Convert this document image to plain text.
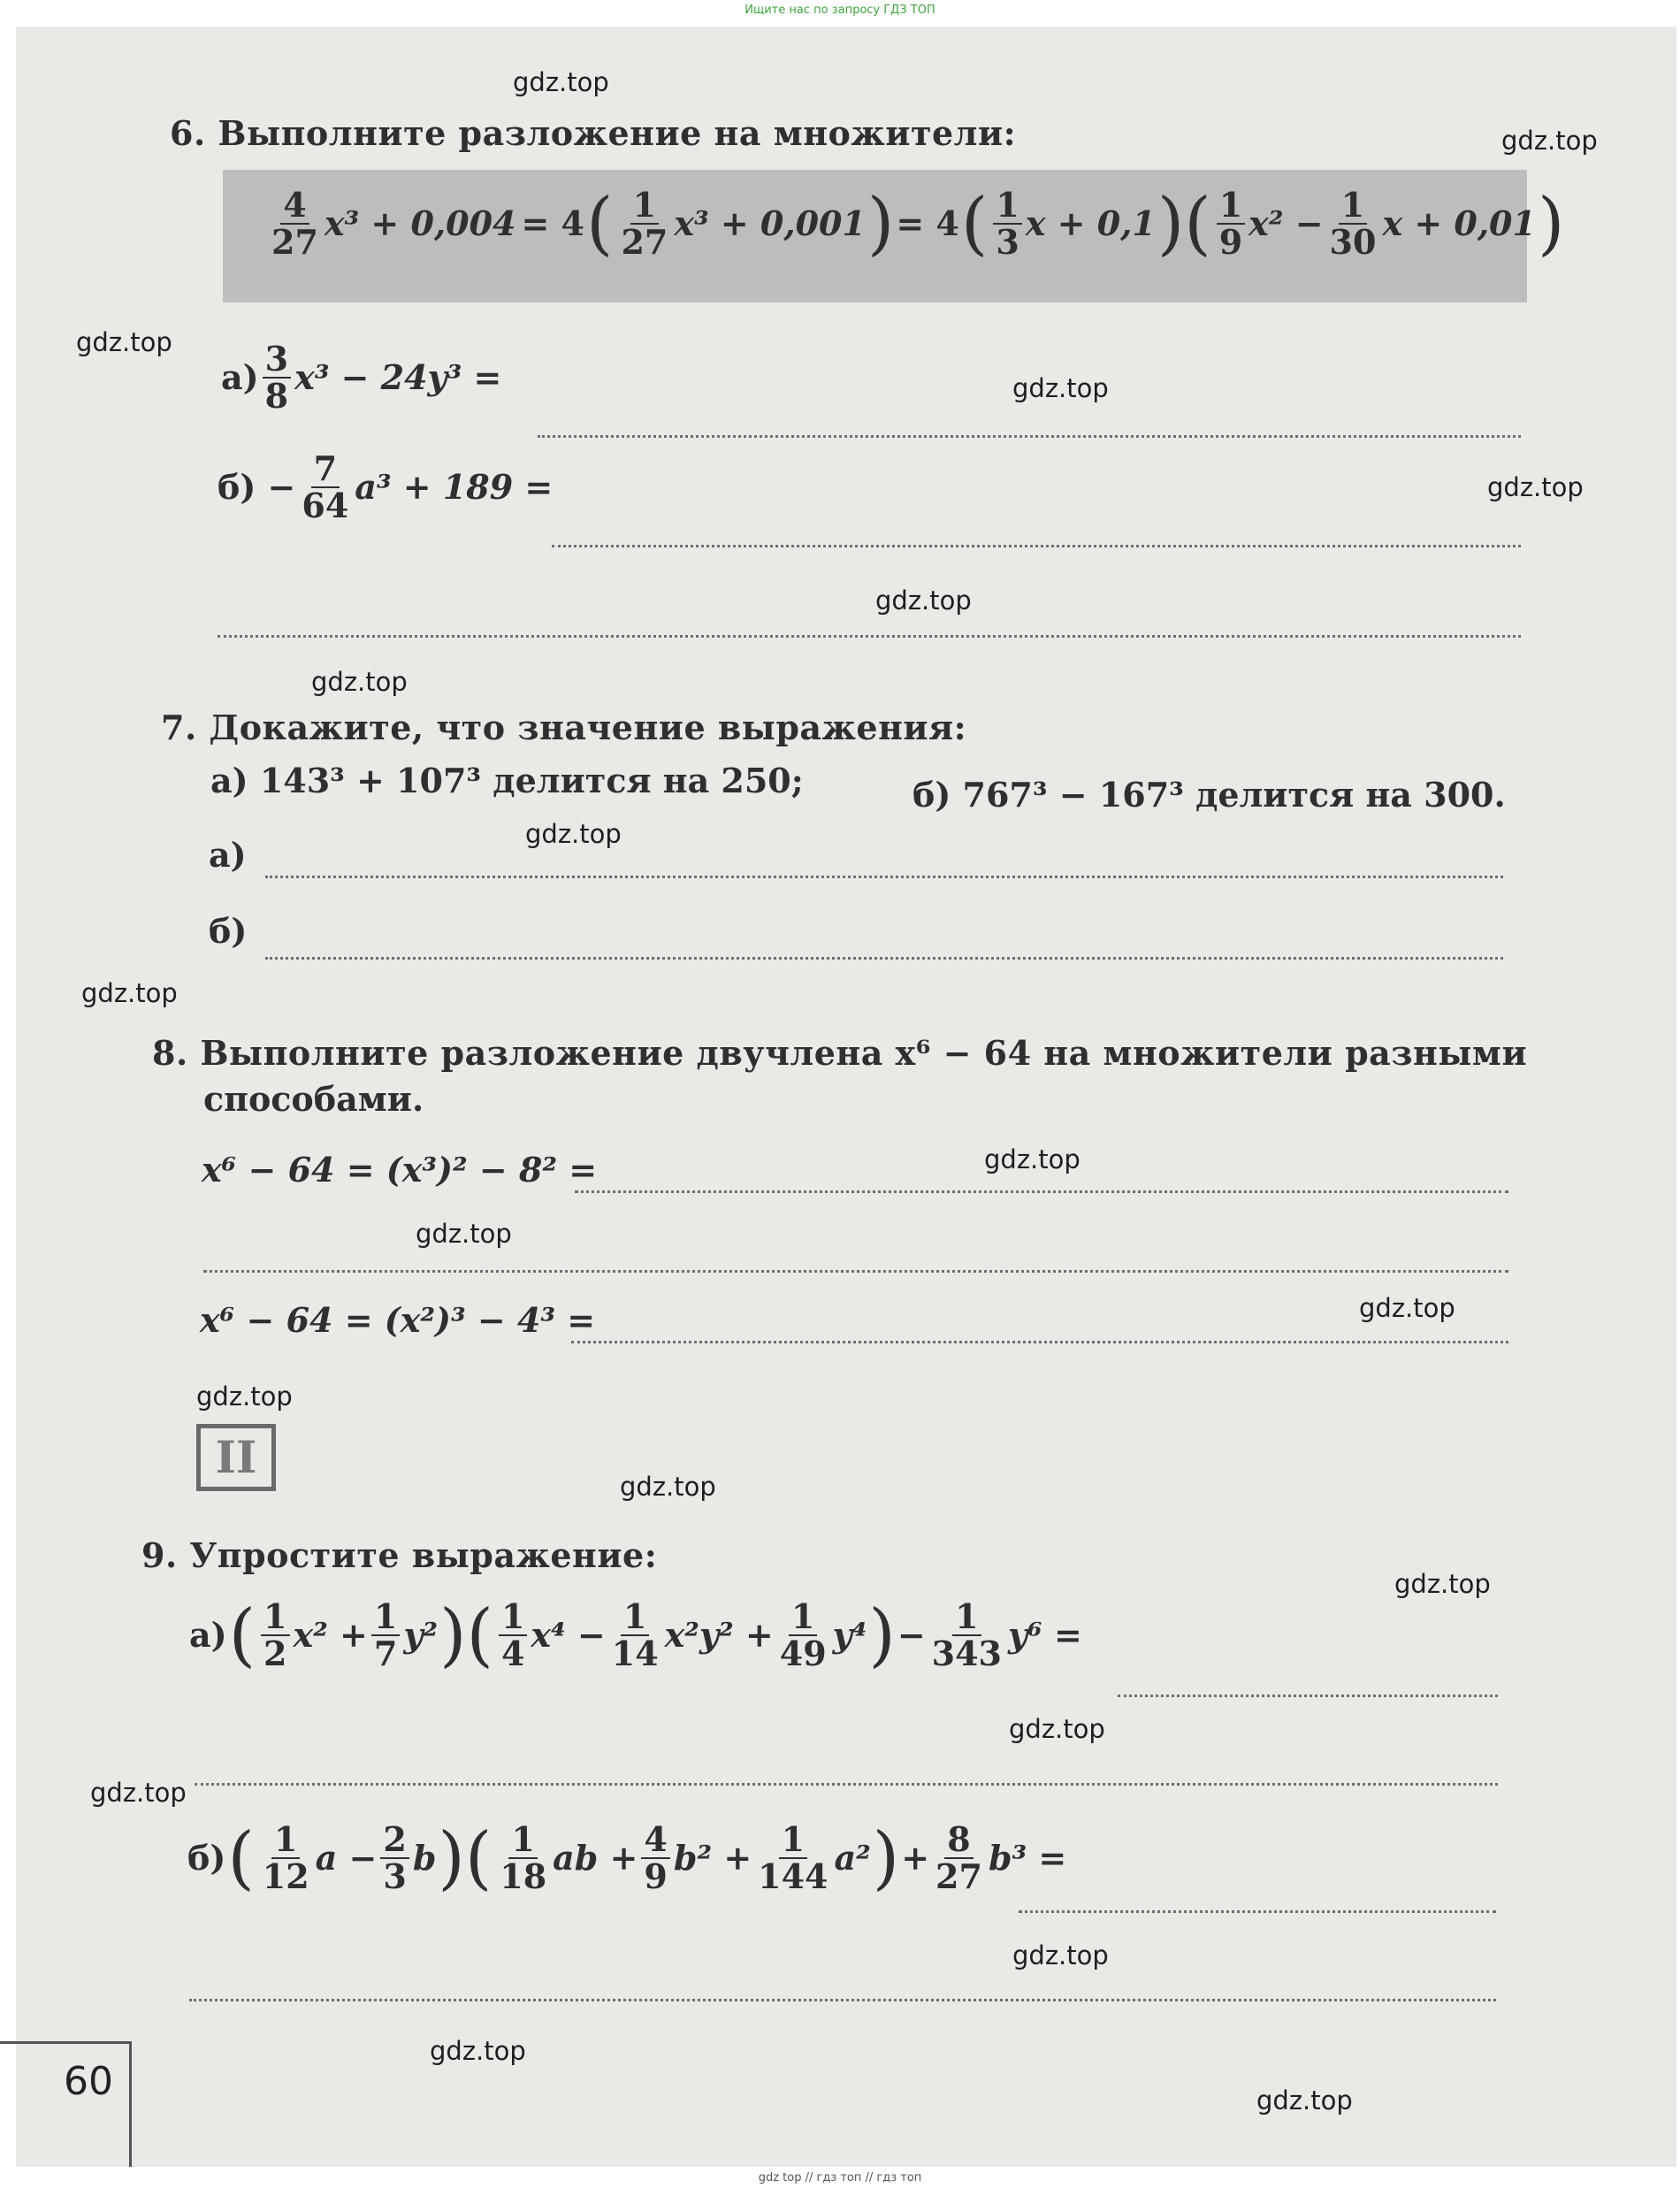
Ищите нас по запросу ГДЗ ТОП
gdz.top
gdz.top
gdz.top
gdz.top
gdz.top
gdz.top
gdz.top
gdz.top
gdz.top
gdz.top
gdz.top
gdz.top
gdz.top
gdz.top
gdz.top
gdz.top
gdz.top
gdz.top
gdz.top
gdz.top
6. Выполните разложение на множители:
$\frac{4}{27} x^3 + 0,004 = 4$ ( $\frac{1}{27} x^3 + 0,001$ ) = 4 ( $\frac{1}{3}$ x + 0,1 )( $\frac{1}{9} x^2 - \frac{1}{30}$ x + 0,01 )
$а) \frac{3}{8} x^3 - 24y^3$ =
$б) - \frac{7}{64} a^3 + 189$ =
7. Докажите, что значение выражения:
а) 143³ + 107³ делится на 250;	б) 767³ − 167³ делится на 300.
а)
б)
8. Выполните разложение двучлена x⁶ − 64 на множители разными
способами.
x⁶ − 64 = (x³)² − 8² =
x⁶ − 64 = (x²)³ − 4³ =
II
9. Упростите выражение:
а) ( $\frac{1}{2} x^2 + \frac{1}{7} y^2$ )( $\frac{1}{4} x^4 - \frac{1}{14} x^2y^2 + \frac{1}{49} y^4$ ) − $\frac{1}{343} y^6$ =
б) ( $\frac{1}{12}$ $a - \frac{2}{3}$ b )( $\frac{1}{18}$ ab + $\frac{4}{9} b^2 + \frac{1}{144} a^2$ ) + $\frac{8}{27} b^3$ =
60
gdz top // гдз топ // гдз топ
